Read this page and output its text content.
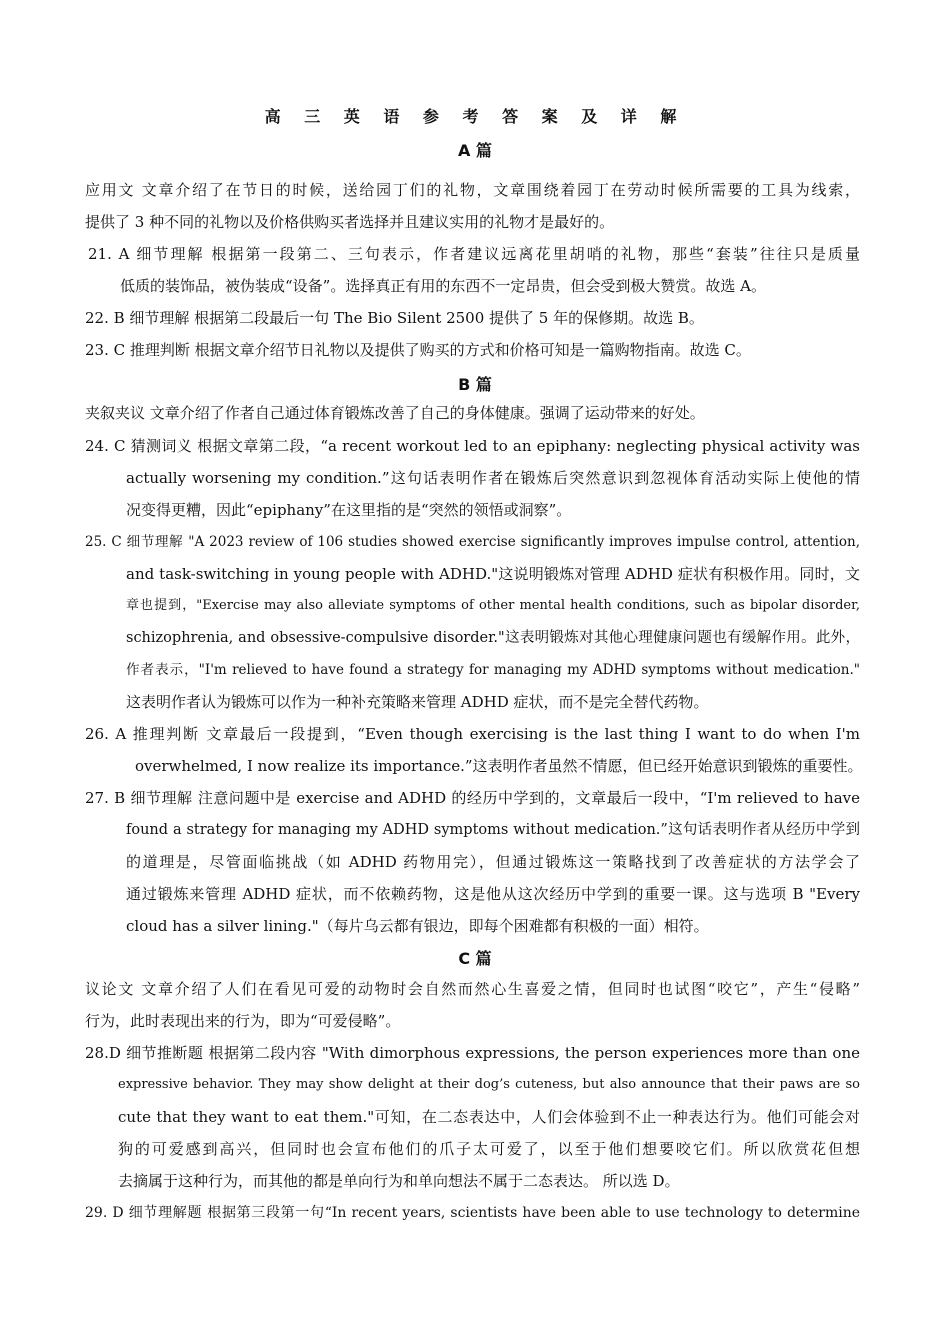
高 三 英 语 参 考 答 案 及 详 解
A 篇
应用文 文章介绍了在节日的时候，送给园丁们的礼物，文章围绕着园丁在劳动时候所需要的工具为线索，
提供了 3 种不同的礼物以及价格供购买者选择并且建议实用的礼物才是最好的。
21. A 细节理解 根据第一段第二、三句表示，作者建议远离花里胡哨的礼物，那些“套装”往往只是质量
低质的装饰品，被伪装成“设备”。选择真正有用的东西不一定昂贵，但会受到极大赞赏。故选 A。
22. B 细节理解 根据第二段最后一句 The Bio Silent 2500 提供了 5 年的保修期。故选 B。
23. C 推理判断 根据文章介绍节日礼物以及提供了购买的方式和价格可知是一篇购物指南。故选 C。
B 篇
夹叙夹议 文章介绍了作者自己通过体育锻炼改善了自己的身体健康。强调了运动带来的好处。
24. C 猜测词义 根据文章第二段，“a recent workout led to an epiphany: neglecting physical activity was
actually worsening my condition.”这句话表明作者在锻炼后突然意识到忽视体育活动实际上使他的情
况变得更糟，因此“epiphany”在这里指的是“突然的领悟或洞察”。
25. C 细节理解 "A 2023 review of 106 studies showed exercise significantly improves impulse control, attention,
and task-switching in young people with ADHD."这说明锻炼对管理 ADHD 症状有积极作用。同时，文
章也提到，"Exercise may also alleviate symptoms of other mental health conditions, such as bipolar disorder,
schizophrenia, and obsessive-compulsive disorder."这表明锻炼对其他心理健康问题也有缓解作用。此外，
作者表示，"I'm relieved to have found a strategy for managing my ADHD symptoms without medication."
这表明作者认为锻炼可以作为一种补充策略来管理 ADHD 症状，而不是完全替代药物。
26. A 推理判断 文章最后一段提到，“Even though exercising is the last thing I want to do when I'm
overwhelmed, I now realize its importance.”这表明作者虽然不情愿，但已经开始意识到锻炼的重要性。
27. B 细节理解 注意问题中是 exercise and ADHD 的经历中学到的，文章最后一段中，“I'm relieved to have
found a strategy for managing my ADHD symptoms without medication.”这句话表明作者从经历中学到
的道理是，尽管面临挑战（如 ADHD 药物用完），但通过锻炼这一策略找到了改善症状的方法学会了
通过锻炼来管理 ADHD 症状，而不依赖药物，这是他从这次经历中学到的重要一课。这与选项 B "Every
cloud has a silver lining."（每片乌云都有银边，即每个困难都有积极的一面）相符。
C 篇
议论文 文章介绍了人们在看见可爱的动物时会自然而然心生喜爱之情，但同时也试图“咬它”，产生“侵略”
行为，此时表现出来的行为，即为“可爱侵略”。
28.D 细节推断题 根据第二段内容 "With dimorphous expressions, the person experiences more than one
expressive behavior. They may show delight at their dog’s cuteness, but also announce that their paws are so
cute that they want to eat them."可知，在二态表达中，人们会体验到不止一种表达行为。他们可能会对
狗的可爱感到高兴，但同时也会宣布他们的爪子太可爱了，以至于他们想要咬它们。所以欣赏花但想
去摘属于这种行为，而其他的都是单向行为和单向想法不属于二态表达。 所以选 D。
29. D 细节理解题 根据第三段第一句“In recent years, scientists have been able to use technology to determine
